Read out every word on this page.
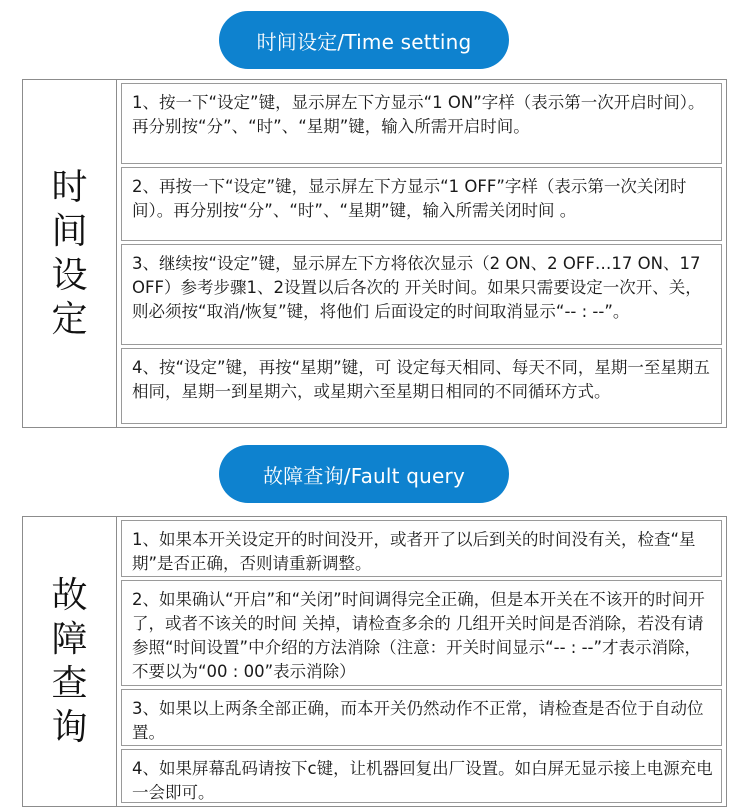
时间设定/Time setting
时
间
设
定
1、按一下“设定”键，显示屏左下方显示“1 ON”字样（表示第一次开启时间）。再分别按“分”、“时”、“星期”键，输入所需开启时间。
2、再按一下“设定”键，显示屏左下方显示“1 OFF”字样（表示第一次关闭时间）。再分别按“分”、“时”、“星期”键，输入所需关闭时间 。
3、继续按“设定”键，显示屏左下方将依次显示（2 ON、2 OFF…17 ON、17 OFF）参考步骤1、2设置以后各次的 开关时间。如果只需要设定一次开、关，则必须按“取消/恢复”键，将他们 后面设定的时间取消显示“-- : --”。
4、按“设定”键，再按“星期”键，可 设定每天相同、每天不同，星期一至星期五相同，星期一到星期六，或星期六至星期日相同的不同循环方式。
故障查询/Fault query
故
障
查
询
1、如果本开关设定开的时间没开，或者开了以后到关的时间没有关，检查“星期”是否正确，否则请重新调整。
2、如果确认“开启”和“关闭”时间调得完全正确，但是本开关在不该开的时间开了，或者不该关的时间 关掉，请检查多余的 几组开关时间是否消除，若没有请参照“时间设置”中介绍的方法消除（注意：开关时间显示“-- : --”才表示消除，不要以为“00 : 00”表示消除）
3、如果以上两条全部正确，而本开关仍然动作不正常，请检查是否位于自动位置。
4、如果屏幕乱码请按下c键，让机器回复出厂设置。如白屏无显示接上电源充电一会即可。
